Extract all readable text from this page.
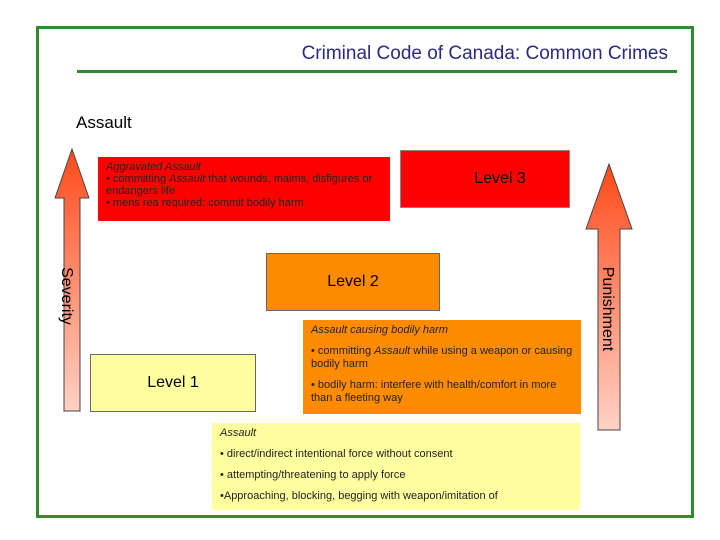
Criminal Code of Canada: Common Crimes
Assault
Severity	Punishment

Aggravated Assault

• committing Assault that wounds, maims, disfigures or endangers life

• mens rea required: commit bodily harm

Level 3
Level 2

Assault causing bodily harm

• committing Assault while using a weapon or causing bodily harm

• bodily harm: interfere with health/comfort in more than a fleeting way

Level 1

Assault

• direct/indirect intentional force without consent

• attempting/threatening to apply force

•Approaching, blocking, begging with weapon/imitation of
